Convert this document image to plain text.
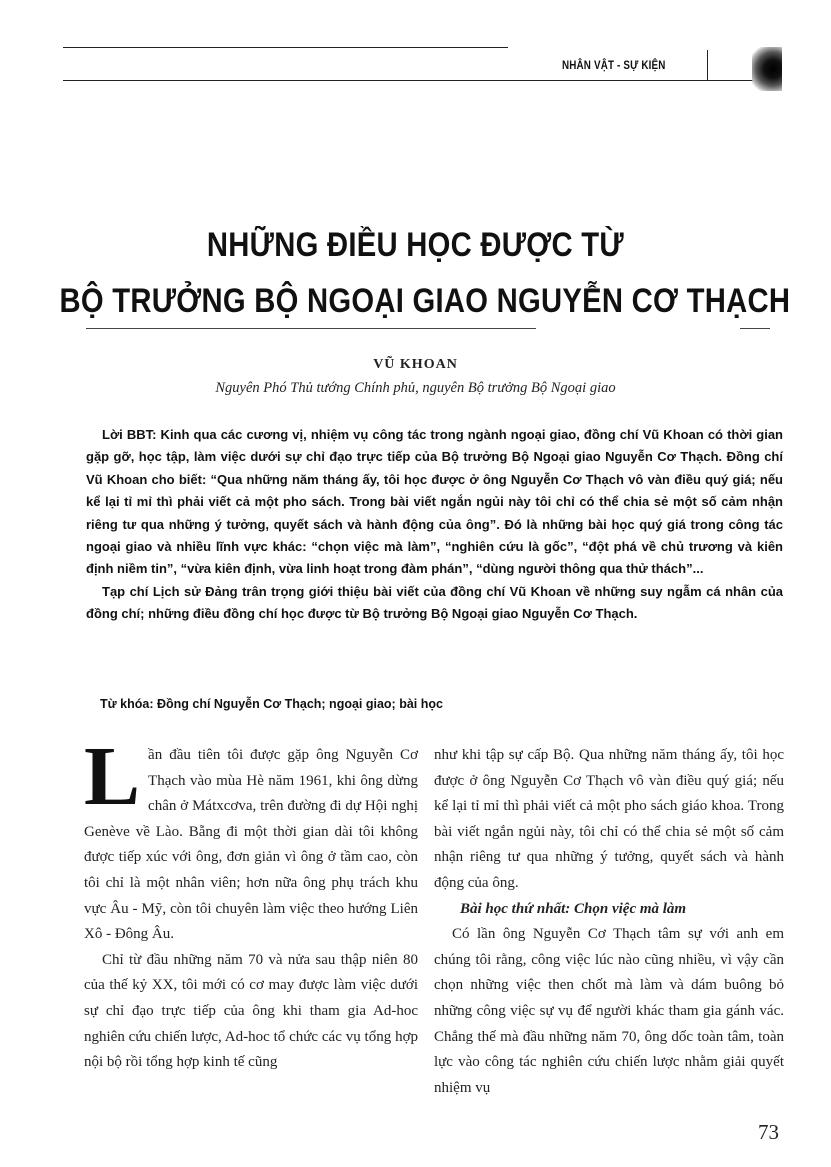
NHÂN VẬT - SỰ KIỆN
NHỮNG ĐIỀU HỌC ĐƯỢC TỪ
BỘ TRƯỞNG BỘ NGOẠI GIAO NGUYỄN CƠ THẠCH
VŨ KHOAN
Nguyên Phó Thủ tướng Chính phủ, nguyên Bộ trưởng Bộ Ngoại giao

Lời BBT: Kinh qua các cương vị, nhiệm vụ công tác trong ngành ngoại giao, đồng chí Vũ Khoan có thời gian gặp gỡ, học tập, làm việc dưới sự chỉ đạo trực tiếp của Bộ trưởng Bộ Ngoại giao Nguyễn Cơ Thạch. Đồng chí Vũ Khoan cho biết: “Qua những năm tháng ấy, tôi học được ở ông Nguyễn Cơ Thạch vô vàn điều quý giá; nếu kể lại tỉ mỉ thì phải viết cả một pho sách. Trong bài viết ngắn ngủi này tôi chỉ có thể chia sẻ một số cảm nhận riêng tư qua những ý tưởng, quyết sách và hành động của ông”. Đó là những bài học quý giá trong công tác ngoại giao và nhiều lĩnh vực khác: “chọn việc mà làm”, “nghiên cứu là gốc”, “đột phá về chủ trương và kiên định niềm tin”, “vừa kiên định, vừa linh hoạt trong đàm phán”, “dùng người thông qua thử thách”...

Tạp chí Lịch sử Đảng trân trọng giới thiệu bài viết của đồng chí Vũ Khoan về những suy ngẫm cá nhân của đồng chí; những điều đồng chí học được từ Bộ trưởng Bộ Ngoại giao Nguyễn Cơ Thạch.

Từ khóa: Đồng chí Nguyễn Cơ Thạch; ngoại giao; bài học

Lần đầu tiên tôi được gặp ông Nguyễn Cơ Thạch vào mùa Hè năm 1961, khi ông dừng chân ở Mátxcơva, trên đường đi dự Hội nghị Genève về Lào. Bẵng đi một thời gian dài tôi không được tiếp xúc với ông, đơn giản vì ông ở tầm cao, còn tôi chỉ là một nhân viên; hơn nữa ông phụ trách khu vực Âu - Mỹ, còn tôi chuyên làm việc theo hướng Liên Xô - Đông Âu.

Chỉ từ đầu những năm 70 và nửa sau thập niên 80 của thế kỷ XX, tôi mới có cơ may được làm việc dưới sự chỉ đạo trực tiếp của ông khi tham gia Ad-hoc nghiên cứu chiến lược, Ad-hoc tổ chức các vụ tổng hợp nội bộ rồi tổng hợp kinh tế cũng

như khi tập sự cấp Bộ. Qua những năm tháng ấy, tôi học được ở ông Nguyễn Cơ Thạch vô vàn điều quý giá; nếu kể lại tỉ mỉ thì phải viết cả một pho sách giáo khoa. Trong bài viết ngắn ngủi này, tôi chỉ có thể chia sẻ một số cảm nhận riêng tư qua những ý tưởng, quyết sách và hành động của ông.

Bài học thứ nhất: Chọn việc mà làm

Có lần ông Nguyễn Cơ Thạch tâm sự với anh em chúng tôi rằng, công việc lúc nào cũng nhiều, vì vậy cần chọn những việc then chốt mà làm và dám buông bỏ những công việc sự vụ để người khác tham gia gánh vác. Chẳng thế mà đầu những năm 70, ông dốc toàn tâm, toàn lực vào công tác nghiên cứu chiến lược nhằm giải quyết nhiệm vụ

73
